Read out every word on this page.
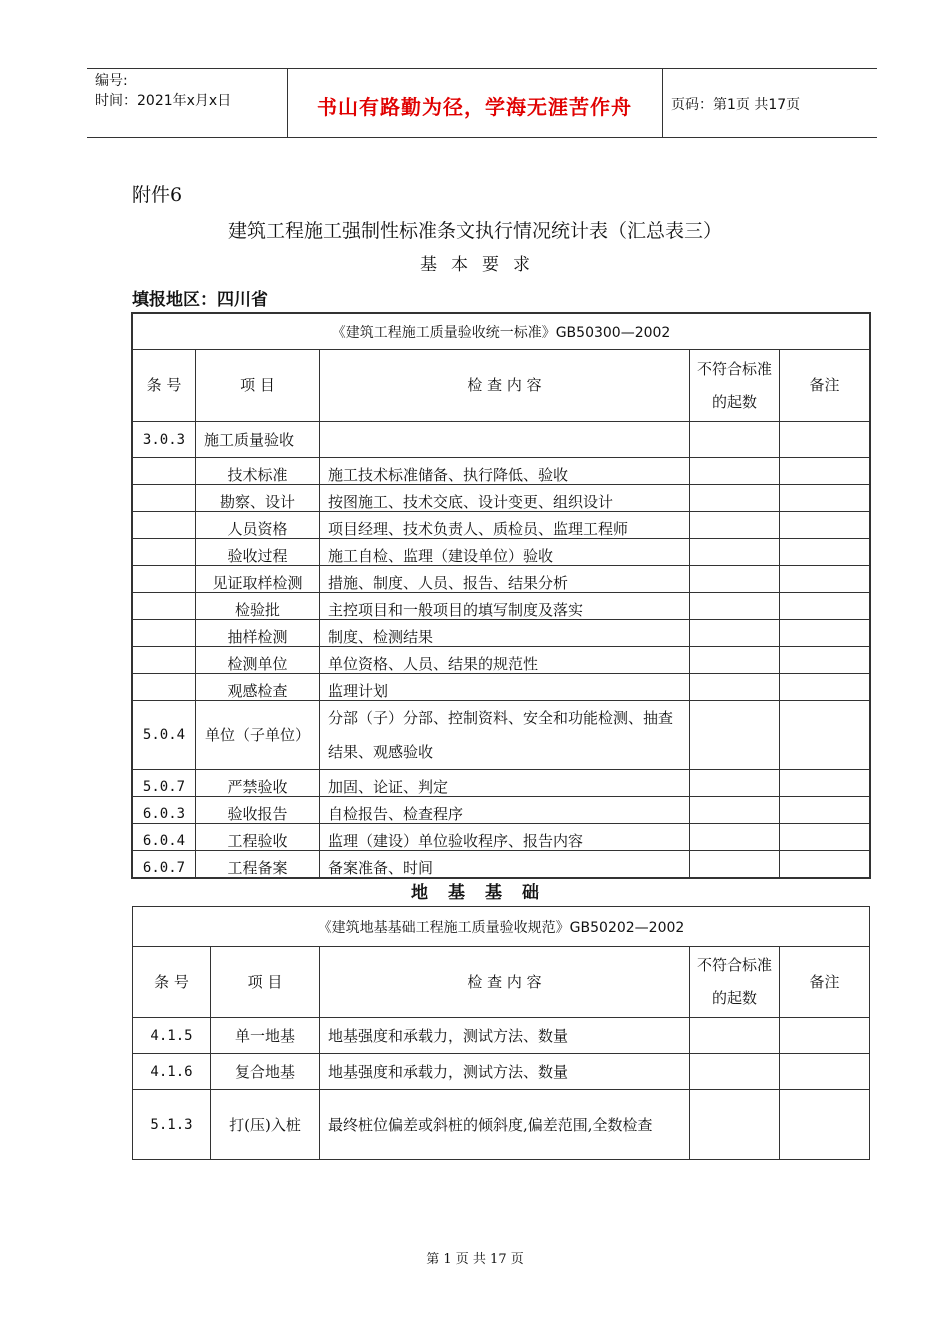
编号:
时间：2021年x月x日	书山有路勤为径，学海无涯苦作舟	页码：第1页 共17页
附件6
建筑工程施工强制性标准条文执行情况统计表（汇总表三）
基本要求
填报地区：四川省
《建筑工程施工质量验收统一标准》GB50300—2002				
条 号	项 目	检 查 内 容	不符合标准的起数	备注
3.0.3	施工质量验收			
	技术标准	施工技术标准储备、执行降低、验收		
	勘察、设计	按图施工、技术交底、设计变更、组织设计		
	人员资格	项目经理、技术负责人、质检员、监理工程师		
	验收过程	施工自检、监理（建设单位）验收		
	见证取样检测	措施、制度、人员、报告、结果分析		
	检验批	主控项目和一般项目的填写制度及落实		
	抽样检测	制度、检测结果		
	检测单位	单位资格、人员、结果的规范性		
	观感检查	监理计划		
5.0.4	单位（子单位）	分部（子）分部、控制资料、安全和功能检测、抽查结果、观感验收		
5.0.7	严禁验收	加固、论证、判定		
6.0.3	验收报告	自检报告、检查程序		
6.0.4	工程验收	监理（建设）单位验收程序、报告内容		
6.0.7	工程备案	备案准备、时间		
地基基础
《建筑地基基础工程施工质量验收规范》GB50202—2002				
条 号	项 目	检 查 内 容	不符合标准的起数	备注
4.1.5	单一地基	地基强度和承载力，测试方法、数量		
4.1.6	复合地基	地基强度和承载力，测试方法、数量		
5.1.3	打(压)入桩	最终桩位偏差或斜桩的倾斜度,偏差范围,全数检查		
第 1 页 共 17 页
